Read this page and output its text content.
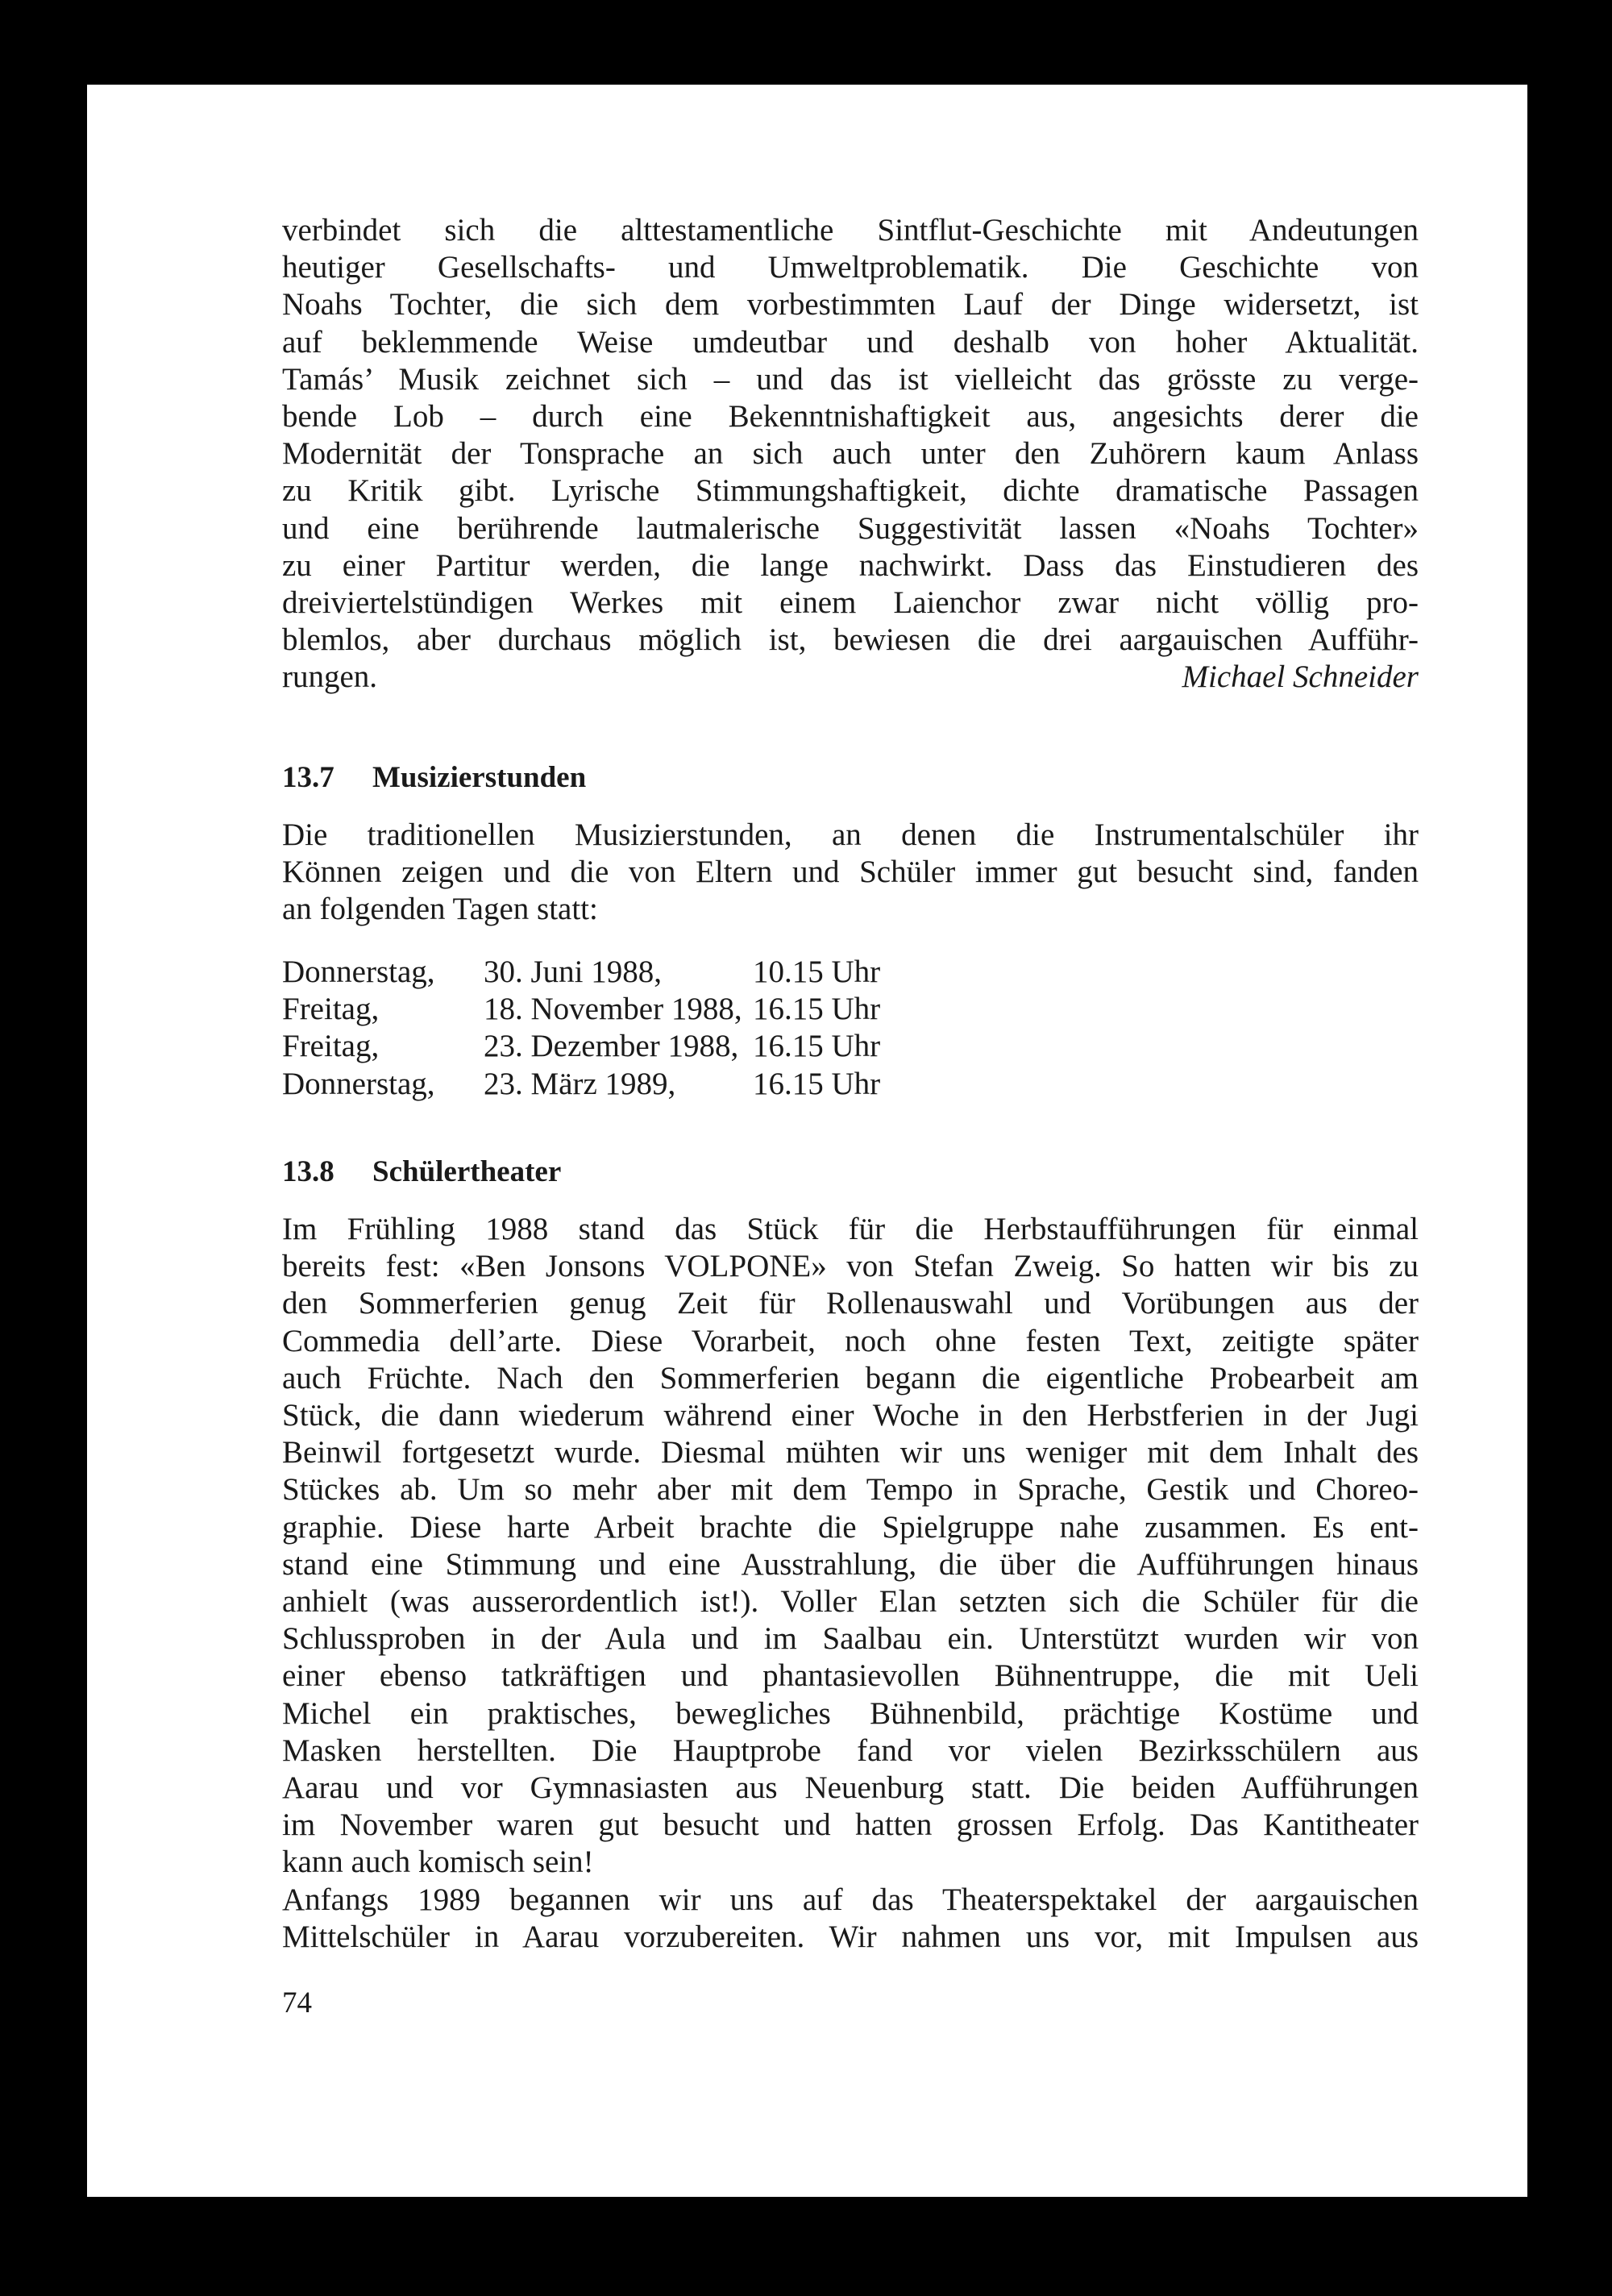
verbindet sich die alttestamentliche Sintflut-Geschichte mit Andeutungen
heutiger Gesellschafts- und Umweltproblematik. Die Geschichte von
Noahs Tochter, die sich dem vorbestimmten Lauf der Dinge widersetzt, ist
auf beklemmende Weise umdeutbar und deshalb von hoher Aktualität.
Tamás’ Musik zeichnet sich – und das ist vielleicht das grösste zu verge-
bende Lob – durch eine Bekenntnishaftigkeit aus, angesichts derer die
Modernität der Tonsprache an sich auch unter den Zuhörern kaum Anlass
zu Kritik gibt. Lyrische Stimmungshaftigkeit, dichte dramatische Passagen
und eine berührende lautmalerische Suggestivität lassen «Noahs Tochter»
zu einer Partitur werden, die lange nachwirkt. Dass das Einstudieren des
dreiviertelstündigen Werkes mit einem Laienchor zwar nicht völlig pro-
blemlos, aber durchaus möglich ist, bewiesen die drei aargauischen Aufführ-
rungen.	Michael Schneider

13.7 Musizierstunden

Die traditionellen Musizierstunden, an denen die Instrumentalschüler ihr
Können zeigen und die von Eltern und Schüler immer gut besucht sind, fanden
an folgenden Tagen statt:

Donnerstag,	30. Juni 1988,	10.15 Uhr
Freitag,	18. November 1988,	16.15 Uhr
Freitag,	23. Dezember 1988,	16.15 Uhr
Donnerstag,	23. März 1989,	16.15 Uhr
13.8 Schülertheater

Im Frühling 1988 stand das Stück für die Herbstaufführungen für einmal
bereits fest: «Ben Jonsons VOLPONE» von Stefan Zweig. So hatten wir bis zu
den Sommerferien genug Zeit für Rollenauswahl und Vorübungen aus der
Commedia dell’arte. Diese Vorarbeit, noch ohne festen Text, zeitigte später
auch Früchte. Nach den Sommerferien begann die eigentliche Probearbeit am
Stück, die dann wiederum während einer Woche in den Herbstferien in der Jugi
Beinwil fortgesetzt wurde. Diesmal mühten wir uns weniger mit dem Inhalt des
Stückes ab. Um so mehr aber mit dem Tempo in Sprache, Gestik und Choreo-
graphie. Diese harte Arbeit brachte die Spielgruppe nahe zusammen. Es ent-
stand eine Stimmung und eine Ausstrahlung, die über die Aufführungen hinaus
anhielt (was ausserordentlich ist!). Voller Elan setzten sich die Schüler für die
Schlussproben in der Aula und im Saalbau ein. Unterstützt wurden wir von
einer ebenso tatkräftigen und phantasievollen Bühnentruppe, die mit Ueli
Michel ein praktisches, bewegliches Bühnenbild, prächtige Kostüme und
Masken herstellten. Die Hauptprobe fand vor vielen Bezirksschülern aus
Aarau und vor Gymnasiasten aus Neuenburg statt. Die beiden Aufführungen
im November waren gut besucht und hatten grossen Erfolg. Das Kantitheater
kann auch komisch sein!

Anfangs 1989 begannen wir uns auf das Theaterspektakel der aargauischen
Mittelschüler in Aarau vorzubereiten. Wir nahmen uns vor, mit Impulsen aus

74
